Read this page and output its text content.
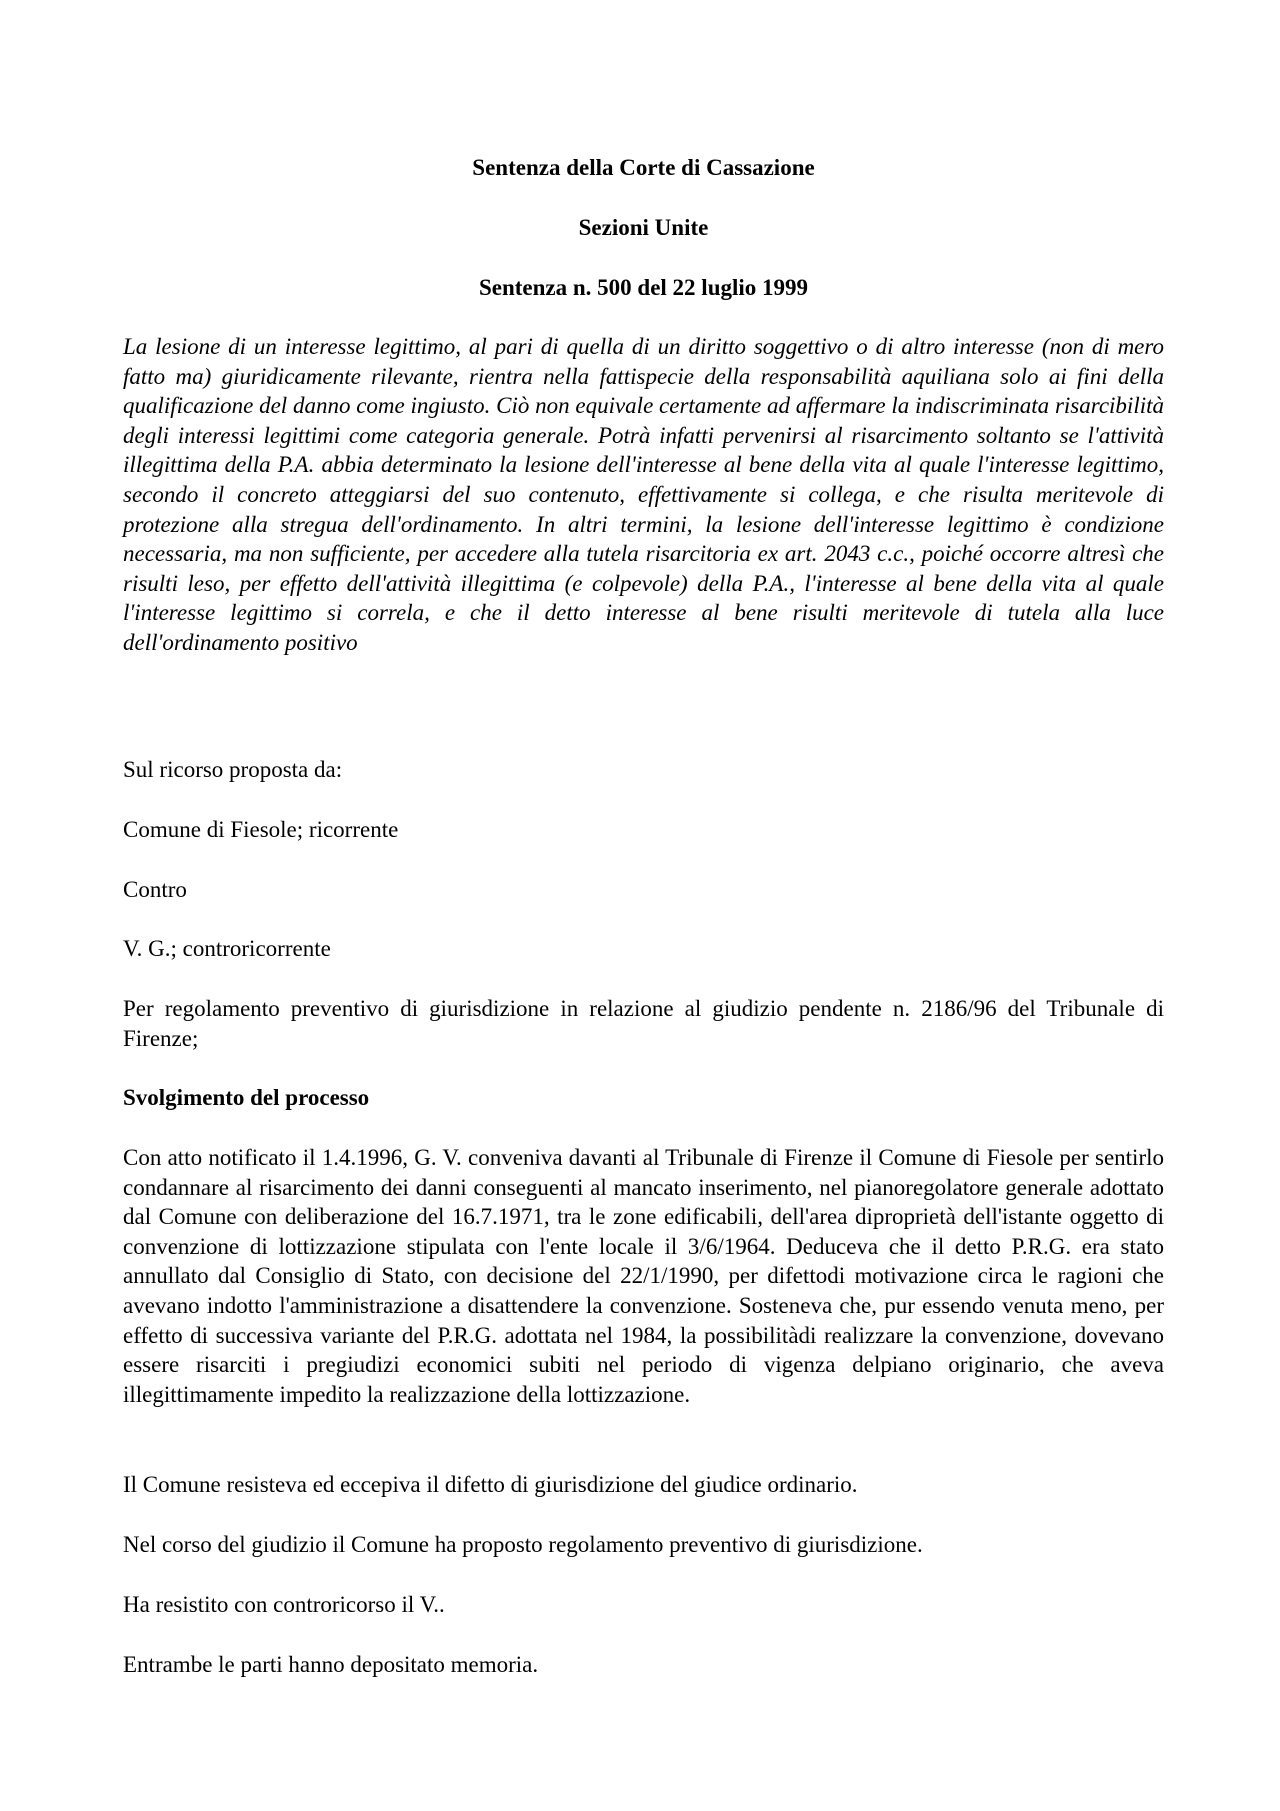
Sentenza della Corte di Cassazione

Sezioni Unite

Sentenza n. 500 del 22 luglio 1999

La lesione di un interesse legittimo, al pari di quella di un diritto soggettivo o di altro interesse (non di mero fatto ma) giuridicamente rilevante, rientra nella fattispecie della responsabilità aquiliana solo ai fini della qualificazione del danno come ingiusto. Ciò non equivale certamente ad affermare la indiscriminata risarcibilità degli interessi legittimi come categoria generale. Potrà infatti pervenirsi al risarcimento soltanto se l'attività illegittima della P.A. abbia determinato la lesione dell'interesse al bene della vita al quale l'interesse legittimo, secondo il concreto atteggiarsi del suo contenuto, effettivamente si collega, e che risulta meritevole di protezione alla stregua dell'ordinamento. In altri termini, la lesione dell'interesse legittimo è condizione necessaria, ma non sufficiente, per accedere alla tutela risarcitoria ex art. 2043 c.c., poiché occorre altresì che risulti leso, per effetto dell'attività illegittima (e colpevole) della P.A., l'interesse al bene della vita al quale l'interesse legittimo si correla, e che il detto interesse al bene risulti meritevole di tutela alla luce dell'ordinamento positivo

Sul ricorso proposta da:

Comune di Fiesole; ricorrente

Contro

V. G.; controricorrente

Per regolamento preventivo di giurisdizione in relazione al giudizio pendente n. 2186/96 del Tribunale di Firenze;

Svolgimento del processo

Con atto notificato il 1.4.1996, G. V. conveniva davanti al Tribunale di Firenze il Comune di Fiesole per sentirlo condannare al risarcimento dei danni conseguenti al mancato inserimento, nel pianoregolatore generale adottato dal Comune con deliberazione del 16.7.1971, tra le zone edificabili, dell'area diproprietà dell'istante oggetto di convenzione di lottizzazione stipulata con l'ente locale il 3/6/1964. Deduceva che il detto P.R.G. era stato annullato dal Consiglio di Stato, con decisione del 22/1/1990, per difettodi motivazione circa le ragioni che avevano indotto l'amministrazione a disattendere la convenzione. Sosteneva che, pur essendo venuta meno, per effetto di successiva variante del P.R.G. adottata nel 1984, la possibilitàdi realizzare la convenzione, dovevano essere risarciti i pregiudizi economici subiti nel periodo di vigenza delpiano originario, che aveva illegittimamente impedito la realizzazione della lottizzazione.

Il Comune resisteva ed eccepiva il difetto di giurisdizione del giudice ordinario.

Nel corso del giudizio il Comune ha proposto regolamento preventivo di giurisdizione.

Ha resistito con controricorso il V..

Entrambe le parti hanno depositato memoria.
